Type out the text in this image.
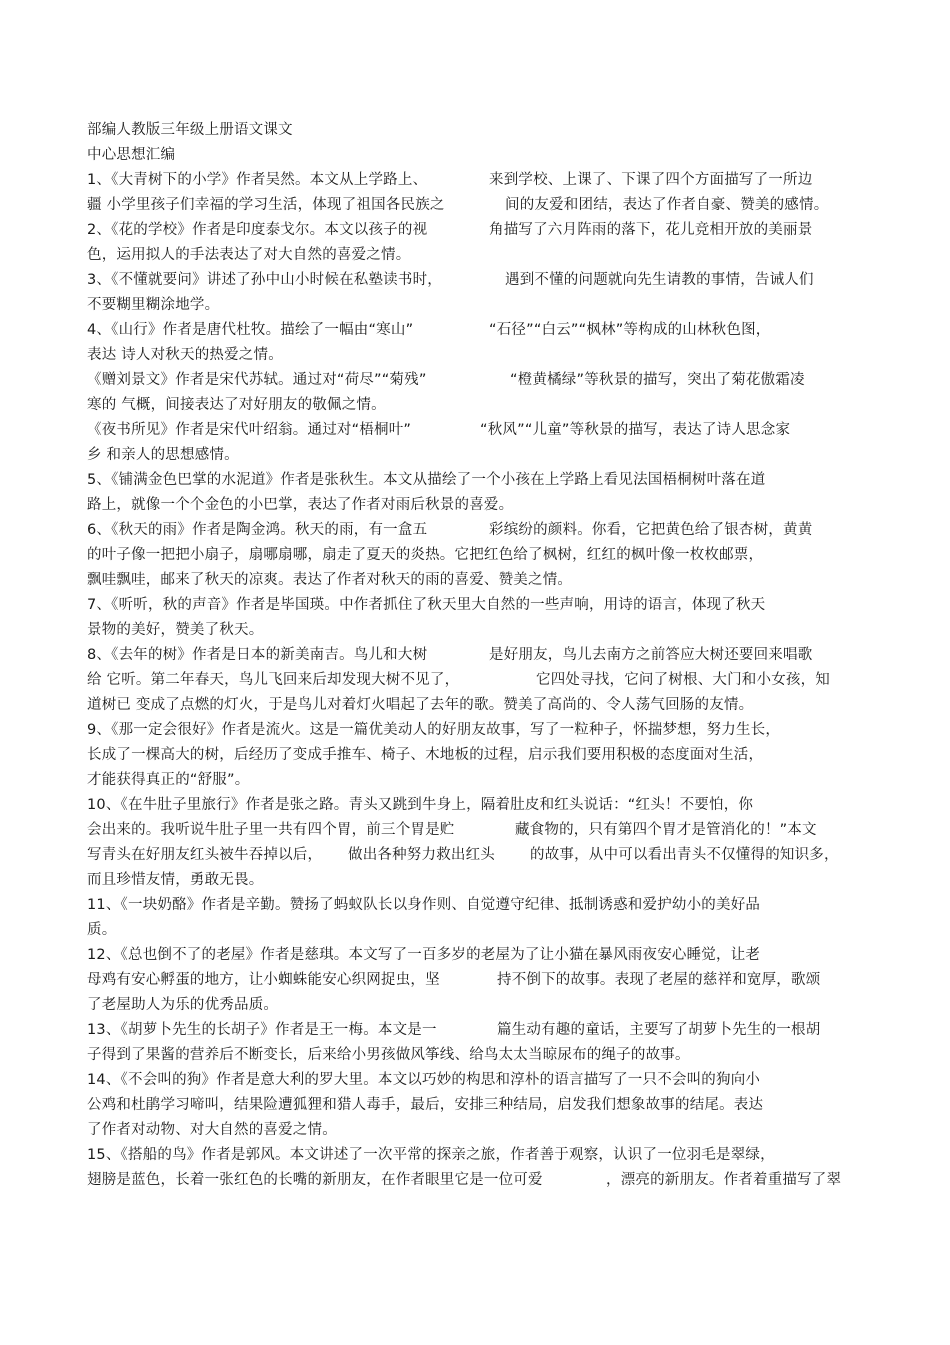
部编人教版三年级上册语文课文
中心思想汇编
1、《大青树下的小学》作者吴然。本文从上学路上、	来到学校、上课了、下课了四个方面描写了一所边
疆 小学里孩子们幸福的学习生活，体现了祖国各民族之	间的友爱和团结，表达了作者自豪、赞美的感情。
2、《花的学校》作者是印度泰戈尔。本文以孩子的视	角描写了六月阵雨的落下，花儿竞相开放的美丽景
色，运用拟人的手法表达了对大自然的喜爱之情。
3、《不懂就要问》讲述了孙中山小时候在私塾读书时，	遇到不懂的问题就向先生请教的事情，告诫人们
不要糊里糊涂地学。
4、《山行》作者是唐代杜牧。描绘了一幅由“寒山”	“石径”“白云”“枫林”等构成的山林秋色图，
表达 诗人对秋天的热爱之情。
《赠刘景文》作者是宋代苏轼。通过对“荷尽”“菊残”	“橙黄橘绿”等秋景的描写，突出了菊花傲霜凌
寒的 气概，间接表达了对好朋友的敬佩之情。
《夜书所见》作者是宋代叶绍翁。通过对“梧桐叶”	“秋风”“儿童”等秋景的描写，表达了诗人思念家
乡 和亲人的思想感情。
5、《铺满金色巴掌的水泥道》作者是张秋生。本文从描绘了一个小孩在上学路上看见法国梧桐树叶落在道
路上，就像一个个金色的小巴掌，表达了作者对雨后秋景的喜爱。
6、《秋天的雨》作者是陶金鸿。秋天的雨，有一盒五	彩缤纷的颜料。你看，它把黄色给了银杏树，黄黄
的叶子像一把把小扇子，扇哪扇哪，扇走了夏天的炎热。它把红色给了枫树，红红的枫叶像一枚枚邮票，
飘哇飘哇，邮来了秋天的凉爽。表达了作者对秋天的雨的喜爱、赞美之情。
7、《听听，秋的声音》作者是毕国瑛。中作者抓住了秋天里大自然的一些声响，用诗的语言，体现了秋天
景物的美好，赞美了秋天。
8、《去年的树》作者是日本的新美南吉。鸟儿和大树	是好朋友，鸟儿去南方之前答应大树还要回来唱歌
给 它听。第二年春天，鸟儿飞回来后却发现大树不见了，	它四处寻找，它问了树根、大门和小女孩，知
道树已 变成了点燃的灯火，于是鸟儿对着灯火唱起了去年的歌。赞美了高尚的、令人荡气回肠的友情。
9、《那一定会很好》作者是流火。这是一篇优美动人的好朋友故事，写了一粒种子，怀揣梦想，努力生长，
长成了一棵高大的树，后经历了变成手推车、椅子、木地板的过程，启示我们要用积极的态度面对生活，
才能获得真正的“舒服”。
10、《在牛肚子里旅行》作者是张之路。青头又跳到牛身上，隔着肚皮和红头说话：“红头！不要怕，你
会出来的。我听说牛肚子里一共有四个胃，前三个胃是贮	藏食物的，只有第四个胃才是管消化的！”本文
写青头在好朋友红头被牛吞掉以后， 做出各种努力救出红头 的故事，从中可以看出青头不仅懂得的知识多，
而且珍惜友情，勇敢无畏。
11、《一块奶酪》作者是辛勤。赞扬了蚂蚁队长以身作则、自觉遵守纪律、抵制诱惑和爱护幼小的美好品
质。
12、《总也倒不了的老屋》作者是慈琪。本文写了一百多岁的老屋为了让小猫在暴风雨夜安心睡觉，让老
母鸡有安心孵蛋的地方，让小蜘蛛能安心织网捉虫，坚	持不倒下的故事。表现了老屋的慈祥和宽厚，歌颂
了老屋助人为乐的优秀品质。
13、《胡萝卜先生的长胡子》作者是王一梅。本文是一	篇生动有趣的童话，主要写了胡萝卜先生的一根胡
子得到了果酱的营养后不断变长，后来给小男孩做风筝线、给鸟太太当晾尿布的绳子的故事。
14、《不会叫的狗》作者是意大利的罗大里。本文以巧妙的构思和淳朴的语言描写了一只不会叫的狗向小
公鸡和杜鹃学习啼叫，结果险遭狐狸和猎人毒手，最后，安排三种结局，启发我们想象故事的结尾。表达
了作者对动物、对大自然的喜爱之情。
15、《搭船的鸟》作者是郭风。本文讲述了一次平常的探亲之旅，作者善于观察，认识了一位羽毛是翠绿，
翅膀是蓝色，长着一张红色的长嘴的新朋友，在作者眼里它是一位可爱	，漂亮的新朋友。作者着重描写了翠
